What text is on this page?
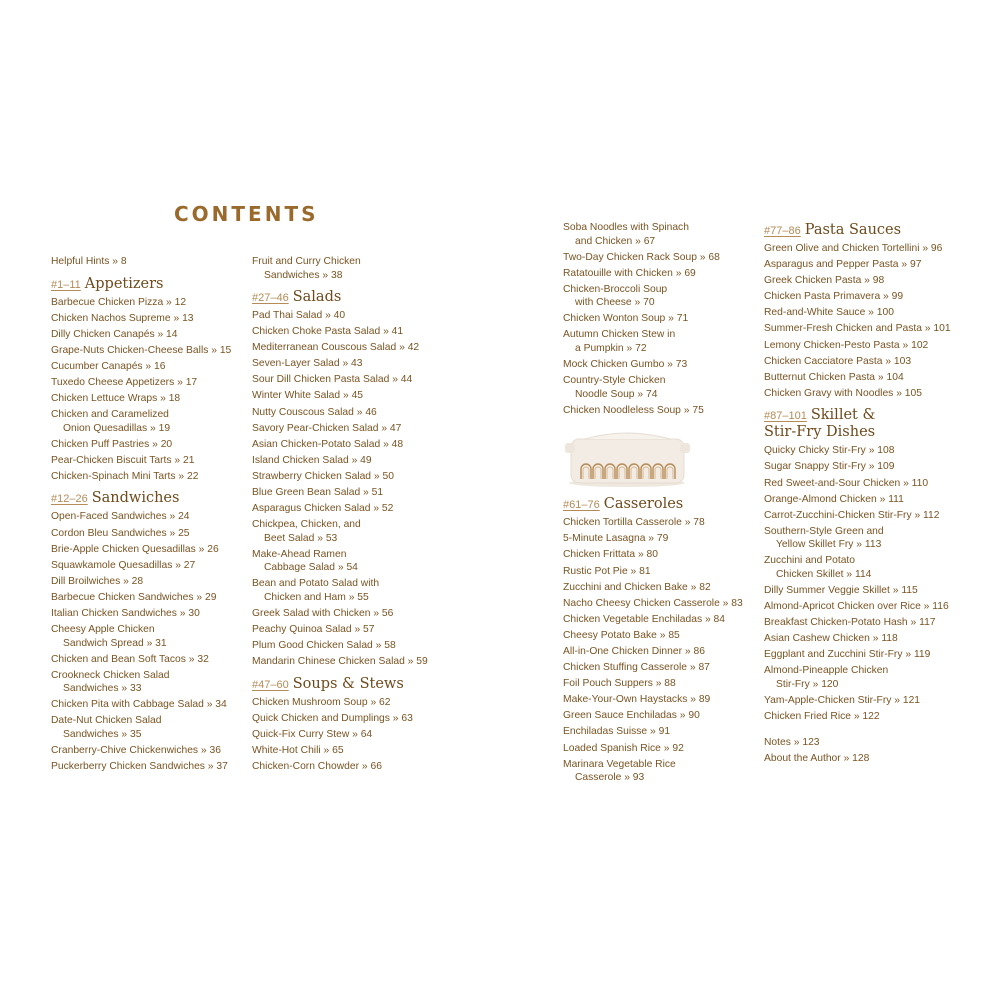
CONTENTS
Helpful Hints » 8
#1–11 Appetizers
Barbecue Chicken Pizza » 12
Chicken Nachos Supreme » 13
Dilly Chicken Canapés » 14
Grape-Nuts Chicken-Cheese Balls » 15
Cucumber Canapés » 16
Tuxedo Cheese Appetizers » 17
Chicken Lettuce Wraps » 18
Chicken and Caramelized
Onion Quesadillas » 19
Chicken Puff Pastries » 20
Pear-Chicken Biscuit Tarts » 21
Chicken-Spinach Mini Tarts » 22
#12–26 Sandwiches
Open-Faced Sandwiches » 24
Cordon Bleu Sandwiches » 25
Brie-Apple Chicken Quesadillas » 26
Squawkamole Quesadillas » 27
Dill Broilwiches » 28
Barbecue Chicken Sandwiches » 29
Italian Chicken Sandwiches » 30
Cheesy Apple Chicken
Sandwich Spread » 31
Chicken and Bean Soft Tacos » 32
Crookneck Chicken Salad
Sandwiches » 33
Chicken Pita with Cabbage Salad » 34
Date-Nut Chicken Salad
Sandwiches » 35
Cranberry-Chive Chickenwiches » 36
Puckerberry Chicken Sandwiches » 37
Fruit and Curry Chicken
Sandwiches » 38
#27–46 Salads
Pad Thai Salad » 40
Chicken Choke Pasta Salad » 41
Mediterranean Couscous Salad » 42
Seven-Layer Salad » 43
Sour Dill Chicken Pasta Salad » 44
Winter White Salad » 45
Nutty Couscous Salad » 46
Savory Pear-Chicken Salad » 47
Asian Chicken-Potato Salad » 48
Island Chicken Salad » 49
Strawberry Chicken Salad » 50
Blue Green Bean Salad » 51
Asparagus Chicken Salad » 52
Chickpea, Chicken, and
Beet Salad » 53
Make-Ahead Ramen
Cabbage Salad » 54
Bean and Potato Salad with
Chicken and Ham » 55
Greek Salad with Chicken » 56
Peachy Quinoa Salad » 57
Plum Good Chicken Salad » 58
Mandarin Chinese Chicken Salad » 59
#47–60 Soups & Stews
Chicken Mushroom Soup » 62
Quick Chicken and Dumplings » 63
Quick-Fix Curry Stew » 64
White-Hot Chili » 65
Chicken-Corn Chowder » 66
Soba Noodles with Spinach
and Chicken » 67
Two-Day Chicken Rack Soup » 68
Ratatouille with Chicken » 69
Chicken-Broccoli Soup
with Cheese » 70
Chicken Wonton Soup » 71
Autumn Chicken Stew in
a Pumpkin » 72
Mock Chicken Gumbo » 73
Country-Style Chicken
Noodle Soup » 74
Chicken Noodleless Soup » 75
#61–76 Casseroles
Chicken Tortilla Casserole » 78
5-Minute Lasagna » 79
Chicken Frittata » 80
Rustic Pot Pie » 81
Zucchini and Chicken Bake » 82
Nacho Cheesy Chicken Casserole » 83
Chicken Vegetable Enchiladas » 84
Cheesy Potato Bake » 85
All-in-One Chicken Dinner » 86
Chicken Stuffing Casserole » 87
Foil Pouch Suppers » 88
Make-Your-Own Haystacks » 89
Green Sauce Enchiladas » 90
Enchiladas Suisse » 91
Loaded Spanish Rice » 92
Marinara Vegetable Rice
Casserole » 93
#77–86 Pasta Sauces
Green Olive and Chicken Tortellini » 96
Asparagus and Pepper Pasta » 97
Greek Chicken Pasta » 98
Chicken Pasta Primavera » 99
Red-and-White Sauce » 100
Summer-Fresh Chicken and Pasta » 101
Lemony Chicken-Pesto Pasta » 102
Chicken Cacciatore Pasta » 103
Butternut Chicken Pasta » 104
Chicken Gravy with Noodles » 105
#87–101 Skillet &
Stir-Fry Dishes
Quicky Chicky Stir-Fry » 108
Sugar Snappy Stir-Fry » 109
Red Sweet-and-Sour Chicken » 110
Orange-Almond Chicken » 111
Carrot-Zucchini-Chicken Stir-Fry » 112
Southern-Style Green and
Yellow Skillet Fry » 113
Zucchini and Potato
Chicken Skillet » 114
Dilly Summer Veggie Skillet » 115
Almond-Apricot Chicken over Rice » 116
Breakfast Chicken-Potato Hash » 117
Asian Cashew Chicken » 118
Eggplant and Zucchini Stir-Fry » 119
Almond-Pineapple Chicken
Stir-Fry » 120
Yam-Apple-Chicken Stir-Fry » 121
Chicken Fried Rice » 122
Notes » 123
About the Author » 128
